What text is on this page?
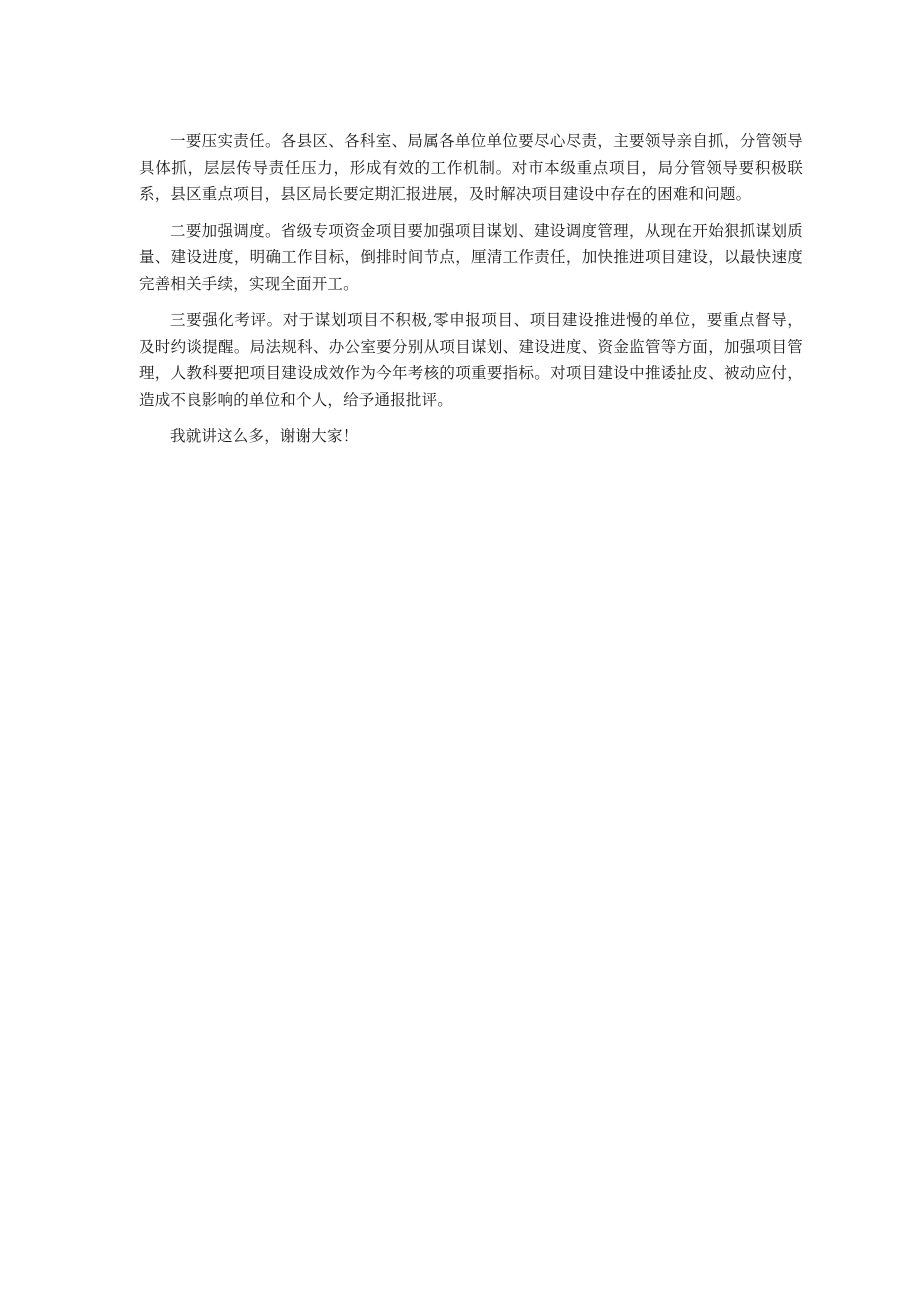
一要压实责任。各县区、各科室、局属各单位单位要尽心尽责，主要领导亲自抓，分管领导具体抓，层层传导责任压力，形成有效的工作机制。对市本级重点项目，局分管领导要积极联系，县区重点项目，县区局长要定期汇报进展，及时解决项目建设中存在的困难和问题。

二要加强调度。省级专项资金项目要加强项目谋划、建设调度管理，从现在开始狠抓谋划质量、建设进度，明确工作目标，倒排时间节点，厘清工作责任，加快推进项目建设，以最快速度完善相关手续，实现全面开工。

三要强化考评。对于谋划项目不积极,零申报项目、项目建设推进慢的单位，要重点督导，及时约谈提醒。局法规科、办公室要分别从项目谋划、建设进度、资金监管等方面，加强项目管理，人教科要把项目建设成效作为今年考核的项重要指标。对项目建设中推诿扯皮、被动应付，造成不良影响的单位和个人，给予通报批评。

我就讲这么多，谢谢大家！
